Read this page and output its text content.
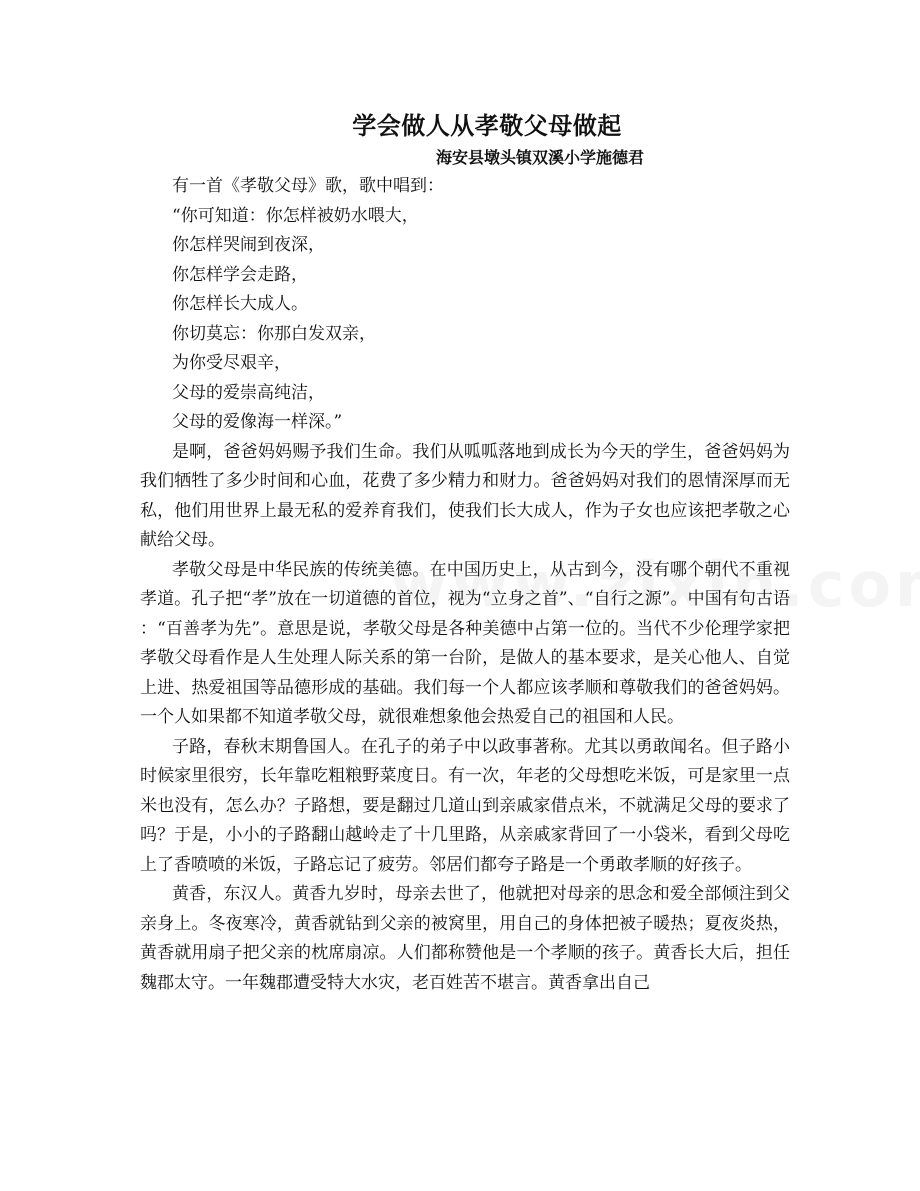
学会做人从孝敬父母做起

海安县墩头镇双溪小学施德君

有一首《孝敬父母》歌，歌中唱到：

“你可知道：你怎样被奶水喂大，

你怎样哭闹到夜深，

你怎样学会走路，

你怎样长大成人。

你切莫忘：你那白发双亲，

为你受尽艰辛，

父母的爱崇高纯洁，

父母的爱像海一样深。”

是啊，爸爸妈妈赐予我们生命。我们从呱呱落地到成长为今天的学生，爸爸妈妈为我们牺牲了多少时间和心血，花费了多少精力和财力。爸爸妈妈对我们的恩情深厚而无私，他们用世界上最无私的爱养育我们，使我们长大成人，作为子女也应该把孝敬之心献给父母。

孝敬父母是中华民族的传统美德。在中国历史上，从古到今，没有哪个朝代不重视孝道。孔子把“孝”放在一切道德的首位，视为“立身之首”、“自行之源”。中国有句古语：“百善孝为先”。意思是说，孝敬父母是各种美德中占第一位的。当代不少伦理学家把孝敬父母看作是人生处理人际关系的第一台阶，是做人的基本要求，是关心他人、自觉上进、热爱祖国等品德形成的基础。我们每一个人都应该孝顺和尊敬我们的爸爸妈妈。一个人如果都不知道孝敬父母，就很难想象他会热爱自己的祖国和人民。

子路，春秋末期鲁国人。在孔子的弟子中以政事著称。尤其以勇敢闻名。但子路小时候家里很穷，长年靠吃粗粮野菜度日。有一次，年老的父母想吃米饭，可是家里一点米也没有，怎么办？子路想，要是翻过几道山到亲戚家借点米，不就满足父母的要求了吗？于是，小小的子路翻山越岭走了十几里路，从亲戚家背回了一小袋米，看到父母吃上了香喷喷的米饭，子路忘记了疲劳。邻居们都夸子路是一个勇敢孝顺的好孩子。

黄香，东汉人。黄香九岁时，母亲去世了，他就把对母亲的思念和爱全部倾注到父亲身上。冬夜寒冷，黄香就钻到父亲的被窝里，用自己的身体把被子暖热；夏夜炎热，黄香就用扇子把父亲的枕席扇凉。人们都称赞他是一个孝顺的孩子。黄香长大后，担任魏郡太守。一年魏郡遭受特大水灾，老百姓苦不堪言。黄香拿出自己
